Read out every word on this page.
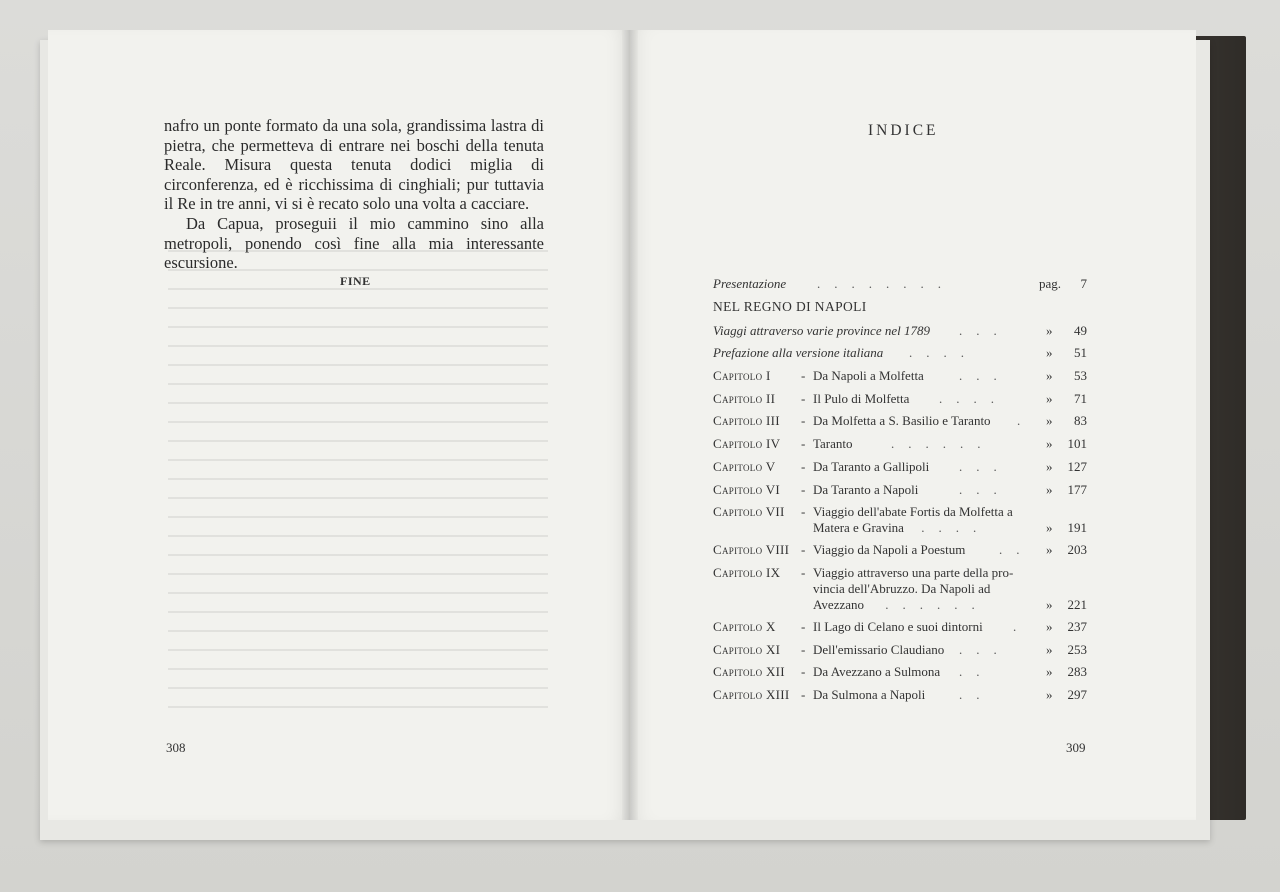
nafro un ponte formato da una sola, grandissima lastra di pietra, che permetteva di entrare nei boschi della tenuta Reale. Misura questa tenuta dodici miglia di circonferenza, ed è ricchissima di cinghiali; pur tuttavia il Re in tre anni, vi si è recato solo una volta a cacciare.

Da Capua, proseguii il mio cammino sino alla metropoli, ponendo così fine alla mia interessante escursione.

FINE
308
INDICE
Presentazione ........	pag.	7
NEL REGNO DI NAPOLI
Viaggi attraverso varie province nel 1789 ...	»	49
Prefazione alla versione italiana ....	»	51
Capitolo I - Da Napoli a Molfetta	...	»	53
Capitolo II - Il Pulo di Molfetta ....	»	71
Capitolo III - Da Molfetta a S. Basilio e Taranto . »	83
Capitolo IV - Taranto	......	»	101
Capitolo V - Da Taranto a Gallipoli ...	»	127
Capitolo VI - Da Taranto a Napoli	...	»	177
Capitolo VII - Viaggio dell'abate Fortis da Molfetta a
Matera e Gravina ....	»	191
Capitolo VIII - Viaggio da Napoli a Poestum	.. »	203
Capitolo IX - Viaggio attraverso una parte della pro-
vincia dell'Abruzzo. Da Napoli ad
Avezzano ......	»	221
Capitolo X - Il Lago di Celano e suoi dintorni . »	237
Capitolo XI - Dell'emissario Claudiano ...	»	253
Capitolo XII - Da Avezzano a Sulmona ..	»	283
Capitolo XIII - Da Sulmona a Napoli	..	»	297
309
